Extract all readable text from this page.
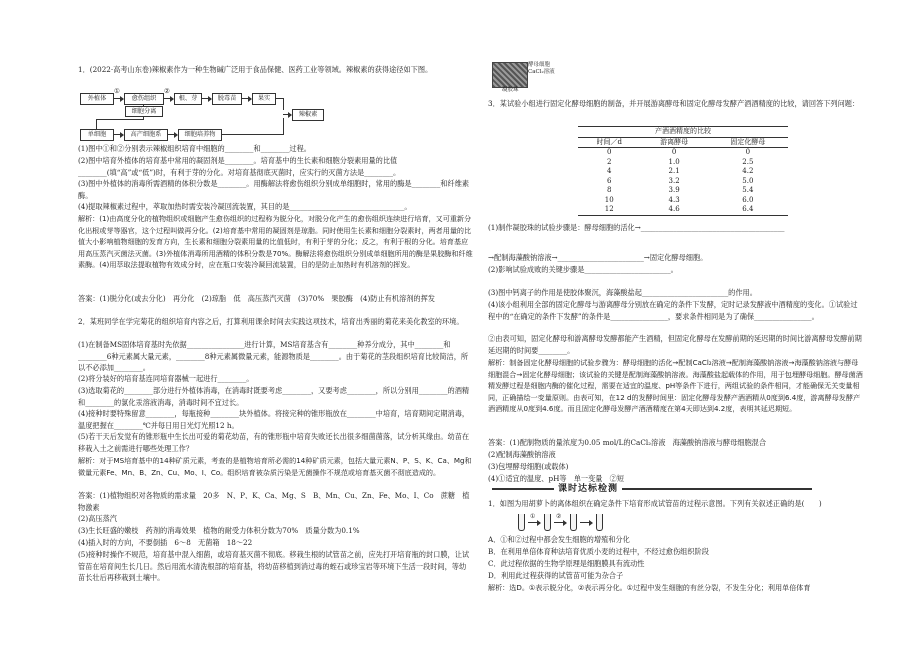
1．(2022·高考山东卷)辣椒素作为一种生物碱广泛用于食品保健、医药工业等领域。辣椒素的获得途径如下图。

外植体
①
愈伤组织
②
根、芽	脱毒苗	果实
细胞分离
单细胞	高产细胞系	细胞培养物
辣椒素

(1)图中①和②分别表示辣椒组织培育中细胞的________和________过程。

(2)图中培育外植体的培育基中常用的凝固剂是________。培育基中的生长素和细胞分裂素用量的比值________(填“高”或“低”)时，有利于芽的分化。对培育基彻底灭菌时，应实行的灭菌方法是________。

(3)图中外植体的消毒所需酒精的体积分数是________。用酶解法将愈伤组织分别成单细胞时，常用的酶是________和纤维素酶。

(4)提取辣椒素过程中，萃取加热时需安装冷凝回流装置，其目的是________________________________。

解析：(1)由高度分化的植物组织或细胞产生愈伤组织的过程称为脱分化，对脱分化产生的愈伤组织连续进行培育，又可重新分化出根或芽等器官，这个过程叫做再分化。(2)培育基中常用的凝固剂是琼脂。同时使用生长素和细胞分裂素时，两者用量的比值大小影响植物细胞的发育方向，生长素和细胞分裂素用量的比值低时，有利于芽的分化；反之，有利于根的分化。培育基应用高压蒸汽灭菌法灭菌。(3)外植体消毒所用酒精的体积分数是70%。酶解法将愈伤组织分别成单细胞所用的酶是果胶酶和纤维素酶。(4)用萃取法提取植物有效成分时，应在瓶口安装冷凝回流装置，目的是防止加热时有机溶剂的挥发。

答案：(1)脱分化(或去分化)　再分化　(2)琼脂　低　高压蒸汽灭菌　(3)70%　果胶酶　(4)防止有机溶剂的挥发

2．某班同学在学完菊花的组织培育内容之后，打算利用课余时间去实践这项技术，培育出秀丽的菊花来美化教室的环境。

(1)在制备MS固体培育基时先依据________________进行计算，MS培育基含有________种养分成分，其中________和________6种元素属大量元素，________8种元素属微量元素，能源物质是________。由于菊花的茎段组织培育比较简洁，所以不必添加________。

(2)将分装好的培育基连同培育器械一起进行________。

(3)选取菊花的________部分进行外植体消毒，在消毒时既要考虑________，又要考虑________，所以分别用________的酒精和________的氯化汞溶液消毒，消毒时间不宜过长。

(4)接种时要特殊留意________，每瓶接种________块外植体。将接完种的锥形瓶放在________中培育，培育期间定期消毒，温度把握在________℃并每日用日光灯光照12 h。

(5)若干天后发觉有的锥形瓶中生长出可爱的菊花幼苗，有的锥形瓶中培育失败还长出很多细菌菌落，试分析其缘由。幼苗在移栽入土之前需进行哪些处理工作？

解析：对于MS培育基中的14种矿质元素，考查的是植物培育所必需的14种矿质元素，包括大量元素N、P、S、K、Ca、Mg和微量元素Fe、Mn、B、Zn、Cu、Mo、I、Co。组织培育被杂质污染是无菌操作不规范或培育基灭菌不彻底造成的。

答案：(1)植物组织对各物质的需求量　20多　N、P、K、Ca、Mg、S　B、Mn、Cu、Zn、Fe、Mo、I、Co　蔗糖　植物激素

(2)高压蒸汽

(3)生长旺盛的嫩枝　药剂的消毒效果　植物的耐受力体积分数为70%　质量分数为0.1%

(4)插入时的方向，不要倒插　6～8　无菌箱　18～22

(5)接种时操作不规范，培育基中混入细菌，或培育基灭菌不彻底。移栽生根的试管苗之前，应先打开培育瓶的封口膜，让试管苗在培育间生长几日。然后用流水清洗根部的培育基，将幼苗移植到消过毒的蛭石或珍宝岩等环境下生活一段时间，等幼苗长壮后再移栽到土壤中。

酵母细胞
CaCl₂溶液
凝胶珠

3．某试验小组进行固定化酵母细胞的制备，并开展游离酵母和固定化酵母发酵产酒酒精度的比较，请回答下列问题：

产酒酒精度的比较		
时间／d	游离酵母	固定化酵母
0	0	0
2	1.0	2.5
4	2.1	4.2
6	3.2	5.0
8	3.9	5.4
10	4.3	6.0
12	4.6	6.4

(1)制作凝胶珠的试验步骤是：酵母细胞的活化→________________________________________

→配制海藻酸钠溶液→________________________→固定化酵母细胞。

(2)影响试验成败的关键步骤是________________________。

(3)图中钙离子的作用是使胶体聚沉，海藻酸盐起________________________的作用。

(4)该小组利用全部的固定化酵母与游离酵母分别放在确定的条件下发酵，定时记录发酵液中酒精度的变化。①试验过程中的“在确定的条件下发酵”的条件是________________，要求条件相同是为了确保________________。

②由表可知，固定化酵母和游离酵母发酵都能产生酒精，但固定化酵母在发酵前期的延迟期的时间比游离酵母发酵前期延迟期的时间要________。

解析：制备固定化酵母细胞的试验步骤为：酵母细胞的活化→配制CaCl₂溶液→配制海藻酸钠溶液→海藻酸钠溶液与酵母细胞混合→固定化酵母细胞；该试验的关键是配制海藻酸钠溶液。海藻酸盐起载体的作用，用于包埋酵母细胞。酵母菌酒精发酵过程是细胞内酶的催化过程，需要在适宜的温度、pH等条件下进行，两组试验的条件相同，才能确保无关变量相同，正确描绘一变量原则。由表可知，在12 d的发酵时间里：固定化酵母发酵产酒酒精从0度到6.4度，游离酵母发酵产酒酒精度从0度到4.6度。而且固定化酵母发酵产酒酒精度在第4天即达到4.2度，表明其延迟期短。

答案：(1)配制物质的量浓度为0.05 mol/L的CaCl₂溶液　海藻酸钠溶液与酵母细胞混合

(2)配制海藻酸钠溶液

(3)包埋酵母细胞(或载体)

(4)①适宜的温度、pH等　单一变量　②短

课时达标检测

1．如图为用胡萝卜的离体组织在确定条件下培育形成试管苗的过程示意图。下列有关叙述正确的是(　　)

①	②

A．①和②过程中都会发生细胞的增殖和分化

B．在利用单倍体育种法培育优质小麦的过程中，不经过愈伤组织阶段

C．此过程依据的生物学原理是细胞膜具有流动性

D．利用此过程获得的试管苗可能为杂合子

解析：选D。①表示脱分化，②表示再分化。①过程中发生细胞的有丝分裂，不发生分化；利用单倍体育
